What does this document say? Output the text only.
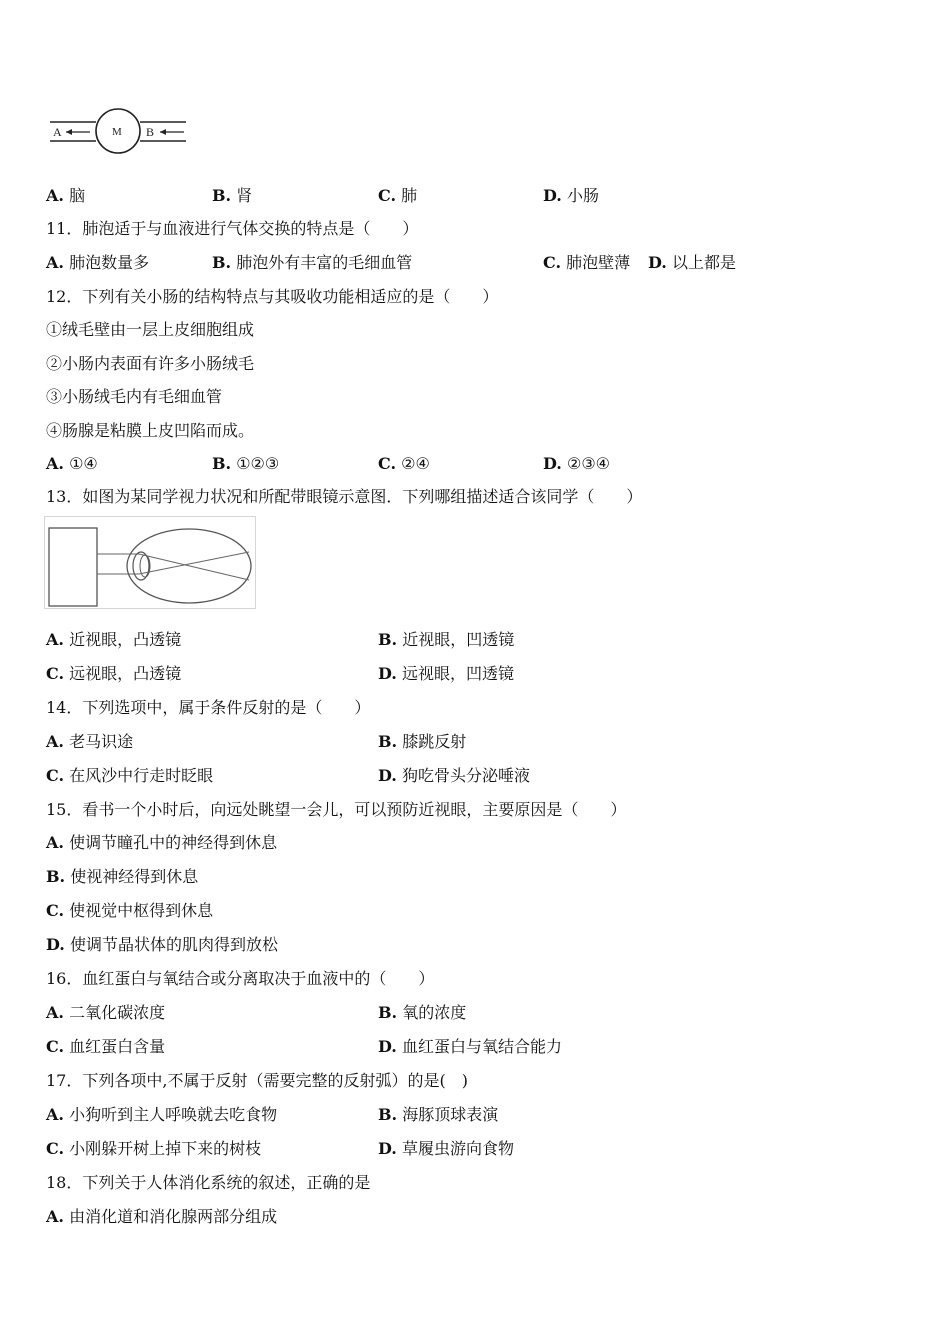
A	M B
A. 脑	B. 肾	C. 肺	D. 小肠
11．肺泡适于与血液进行气体交换的特点是（　　）
A. 肺泡数量多	B. 肺泡外有丰富的毛细血管	C. 肺泡壁薄 D. 以上都是
12．下列有关小肠的结构特点与其吸收功能相适应的是（　　）
①绒毛壁由一层上皮细胞组成
②小肠内表面有许多小肠绒毛
③小肠绒毛内有毛细血管
④肠腺是粘膜上皮凹陷而成。
A. ①④	B. ①②③	C. ②④	D. ②③④
13．如图为某同学视力状况和所配带眼镜示意图．下列哪组描述适合该同学（　　）
A. 近视眼，凸透镜	B. 近视眼，凹透镜
C. 远视眼，凸透镜	D. 远视眼，凹透镜
14．下列选项中，属于条件反射的是（　　）
A. 老马识途	B. 膝跳反射
C. 在风沙中行走时眨眼	D. 狗吃骨头分泌唾液
15．看书一个小时后，向远处眺望一会儿，可以预防近视眼，主要原因是（　　）
A. 使调节瞳孔中的神经得到休息
B. 使视神经得到休息
C. 使视觉中枢得到休息
D. 使调节晶状体的肌肉得到放松
16．血红蛋白与氧结合或分离取决于血液中的（　　）
A. 二氧化碳浓度	B. 氧的浓度
C. 血红蛋白含量	D. 血红蛋白与氧结合能力
17．下列各项中,不属于反射（需要完整的反射弧）的是(　)
A. 小狗听到主人呼唤就去吃食物	B. 海豚顶球表演
C. 小刚躲开树上掉下来的树枝	D. 草履虫游向食物
18．下列关于人体消化系统的叙述，正确的是
A. 由消化道和消化腺两部分组成
